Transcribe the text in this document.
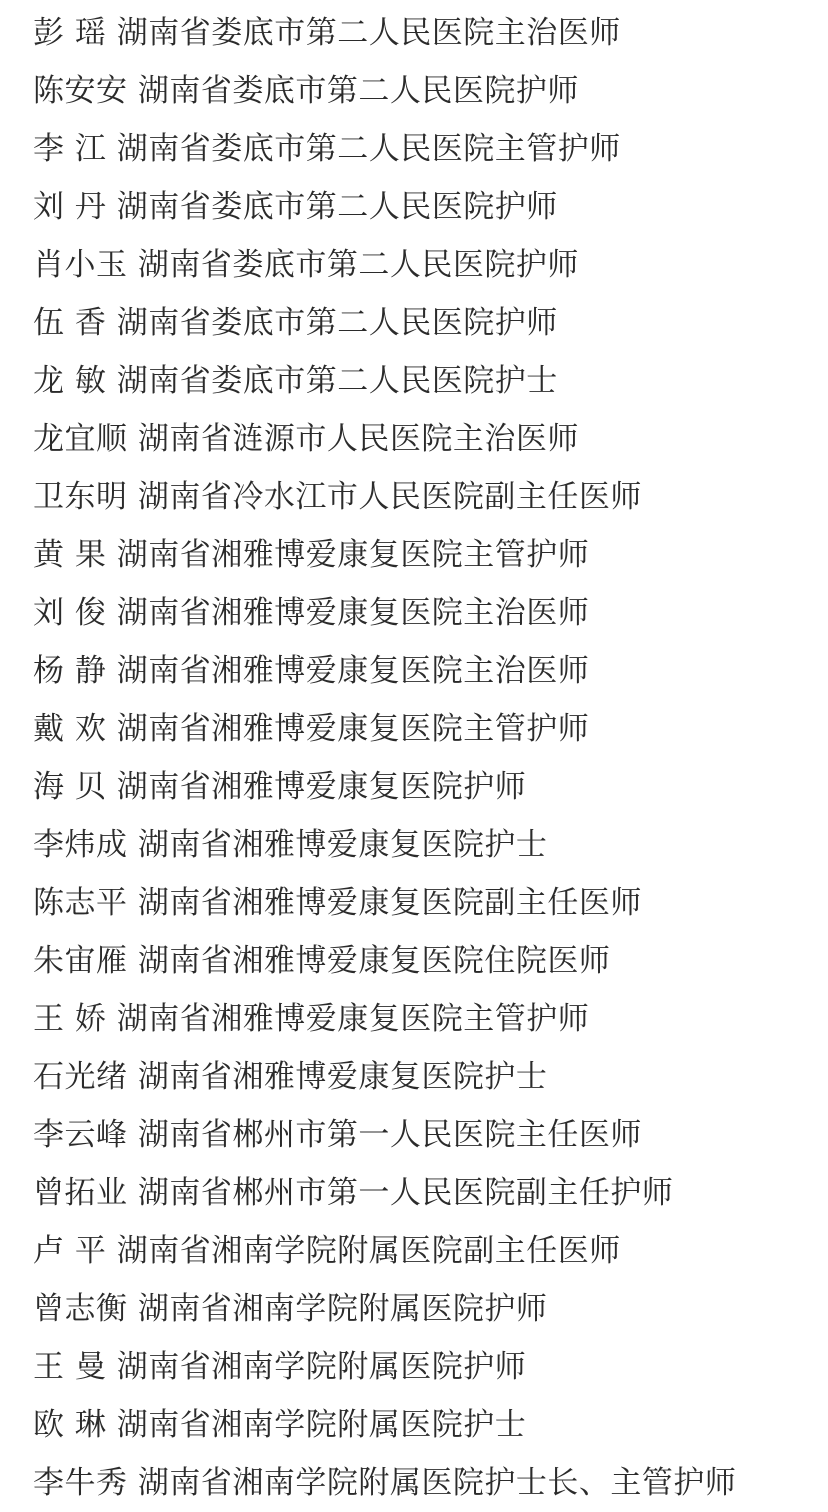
彭 瑶 湖南省娄底市第二人民医院主治医师
陈安安 湖南省娄底市第二人民医院护师
李 江 湖南省娄底市第二人民医院主管护师
刘 丹 湖南省娄底市第二人民医院护师
肖小玉 湖南省娄底市第二人民医院护师
伍 香 湖南省娄底市第二人民医院护师
龙 敏 湖南省娄底市第二人民医院护士
龙宜顺 湖南省涟源市人民医院主治医师
卫东明 湖南省冷水江市人民医院副主任医师
黄 果 湖南省湘雅博爱康复医院主管护师
刘 俊 湖南省湘雅博爱康复医院主治医师
杨 静 湖南省湘雅博爱康复医院主治医师
戴 欢 湖南省湘雅博爱康复医院主管护师
海 贝 湖南省湘雅博爱康复医院护师
李炜成 湖南省湘雅博爱康复医院护士
陈志平 湖南省湘雅博爱康复医院副主任医师
朱宙雁 湖南省湘雅博爱康复医院住院医师
王 娇 湖南省湘雅博爱康复医院主管护师
石光绪 湖南省湘雅博爱康复医院护士
李云峰 湖南省郴州市第一人民医院主任医师
曾拓业 湖南省郴州市第一人民医院副主任护师
卢 平 湖南省湘南学院附属医院副主任医师
曾志衡 湖南省湘南学院附属医院护师
王 曼 湖南省湘南学院附属医院护师
欧 琳 湖南省湘南学院附属医院护士
李牛秀 湖南省湘南学院附属医院护士长、主管护师
